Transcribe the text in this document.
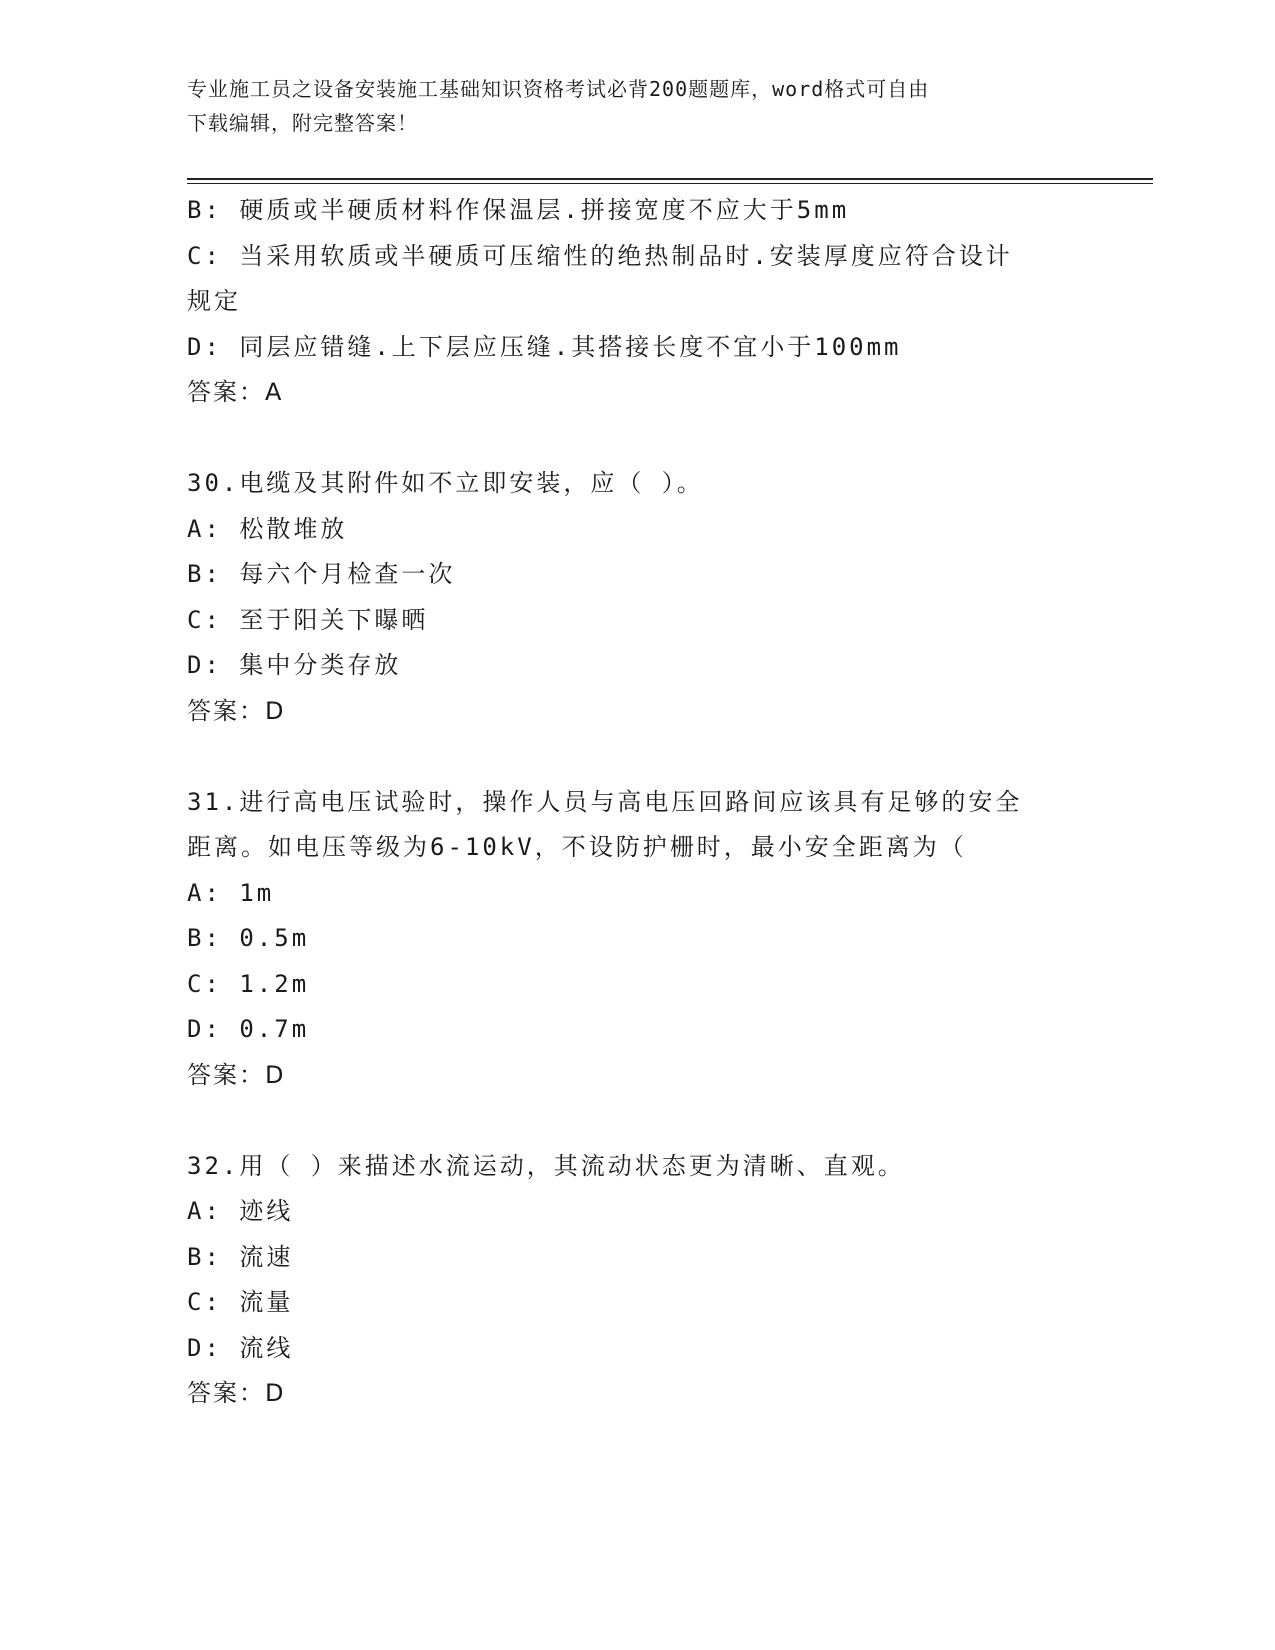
专业施工员之设备安装施工基础知识资格考试必背200题题库，word格式可自由
下载编辑，附完整答案！
B: 硬质或半硬质材料作保温层.拼接宽度不应大于5mm
C: 当采用软质或半硬质可压缩性的绝热制品时.安装厚度应符合设计
规定
D: 同层应错缝.上下层应压缝.其搭接长度不宜小于100mm
答案：A
30.电缆及其附件如不立即安装，应（ ）。
A: 松散堆放
B: 每六个月检查一次
C: 至于阳关下曝晒
D: 集中分类存放
答案：D
31.进行高电压试验时，操作人员与高电压回路间应该具有足够的安全
距离。如电压等级为6-10kV，不设防护栅时，最小安全距离为（
A: 1m
B: 0.5m
C: 1.2m
D: 0.7m
答案：D
32.用（ ）来描述水流运动，其流动状态更为清晰、直观。
A: 迹线
B: 流速
C: 流量
D: 流线
答案：D
